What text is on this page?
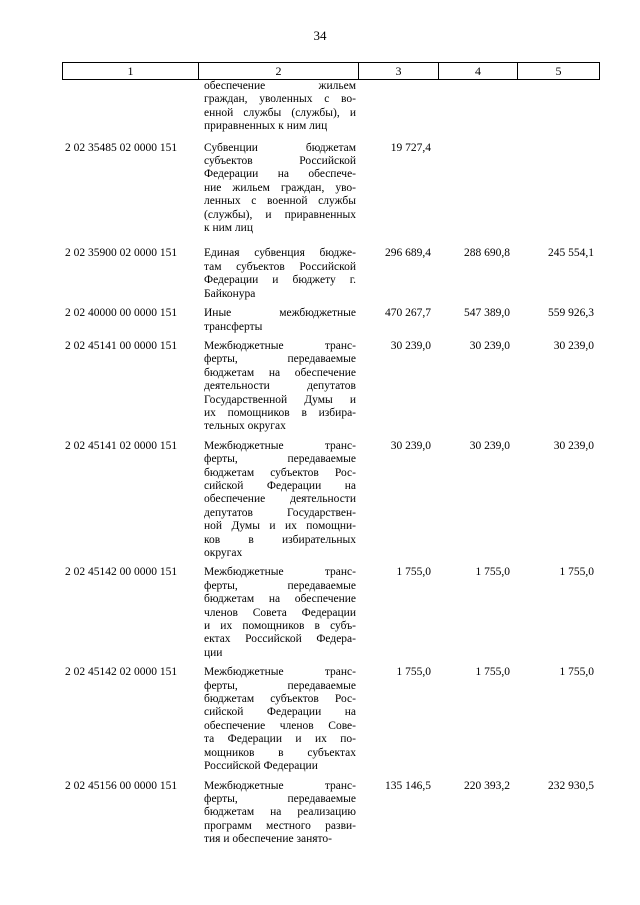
34
1	2	3	4	5
обеспечение жильем
граждан, уволенных с во-
енной службы (службы), и
приравненных к ним лиц
2 02 35485 02 0000 151	Субвенции бюджетам
субъектов Российской
Федерации на обеспече-
ние жильем граждан, уво-
ленных с военной службы
(службы), и приравненных
к ним лиц
19 727,4
2 02 35900 02 0000 151	Единая субвенция бюдже-
там субъектов Российской
Федерации и бюджету г.
Байконура
296 689,4	288 690,8	245 554,1
2 02 40000 00 0000 151	Иные межбюджетные
трансферты
470 267,7	547 389,0	559 926,3
2 02 45141 00 0000 151	Межбюджетные транс-
ферты, передаваемые
бюджетам на обеспечение
деятельности депутатов
Государственной Думы и
их помощников в избира-
тельных округах
30 239,0	30 239,0	30 239,0
2 02 45141 02 0000 151	Межбюджетные транс-
ферты, передаваемые
бюджетам субъектов Рос-
сийской Федерации на
обеспечение деятельности
депутатов Государствен-
ной Думы и их помощни-
ков в избирательных
округах
30 239,0	30 239,0	30 239,0
2 02 45142 00 0000 151	Межбюджетные транс-
ферты, передаваемые
бюджетам на обеспечение
членов Совета Федерации
и их помощников в субъ-
ектах Российской Федера-
ции
1 755,0	1 755,0	1 755,0
2 02 45142 02 0000 151	Межбюджетные транс-
ферты, передаваемые
бюджетам субъектов Рос-
сийской Федерации на
обеспечение членов Сове-
та Федерации и их по-
мощников в субъектах
Российской Федерации
1 755,0	1 755,0	1 755,0
2 02 45156 00 0000 151	Межбюджетные транс-
ферты, передаваемые
бюджетам на реализацию
программ местного разви-
тия и обеспечение занято-
135 146,5	220 393,2	232 930,5
